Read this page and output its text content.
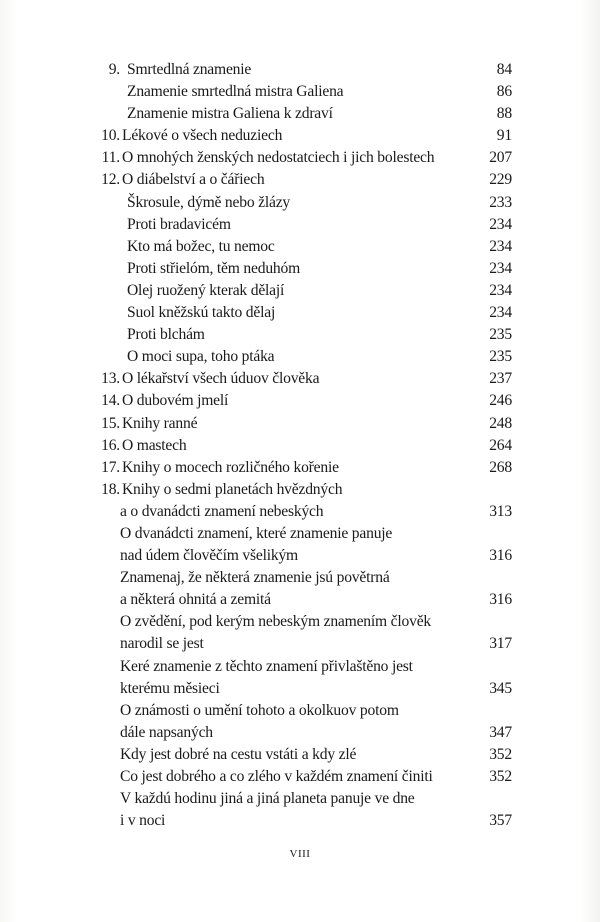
9. Smrtedlná znamenie	84
Znamenie smrtedlná mistra Galiena	86
Znamenie mistra Galiena k zdraví	88
10. Lékové o všech neduziech	91
11. O mnohých ženských nedostatciech i jich bolestech	207
12. O diábelství a o čářiech	229
Škrosule, dýmě nebo žlázy	233
Proti bradavicém	234
Kto má božec, tu nemoc	234
Proti střielóm, těm neduhóm	234
Olej ruožený kterak dělají	234
Suol kněžskú takto dělaj	234
Proti blchám	235
O moci supa, toho ptáka	235
13. O lékařství všech úduov člověka	237
14. O dubovém jmelí	246
15. Knihy ranné	248
16. O mastech	264
17. Knihy o mocech rozličného kořenie	268
18. Knihy o sedmi planetách hvězdných
a o dvanádcti znamení nebeských	313
O dvanádcti znamení, které znamenie panuje
nad údem člověčím všelikým	316
Znamenaj, že některá znamenie jsú povětrná
a některá ohnitá a zemitá	316
O zvědění, pod kerým nebeským znamením člověk
narodil se jest	317
Keré znamenie z těchto znamení přivlaštěno jest
kterému měsieci	345
O známosti o umění tohoto a okolkuov potom
dále napsaných	347
Kdy jest dobré na cestu vstáti a kdy zlé	352
Co jest dobrého a co zlého v každém znamení činiti	352
V každú hodinu jiná a jiná planeta panuje ve dne
i v noci	357
VIII
